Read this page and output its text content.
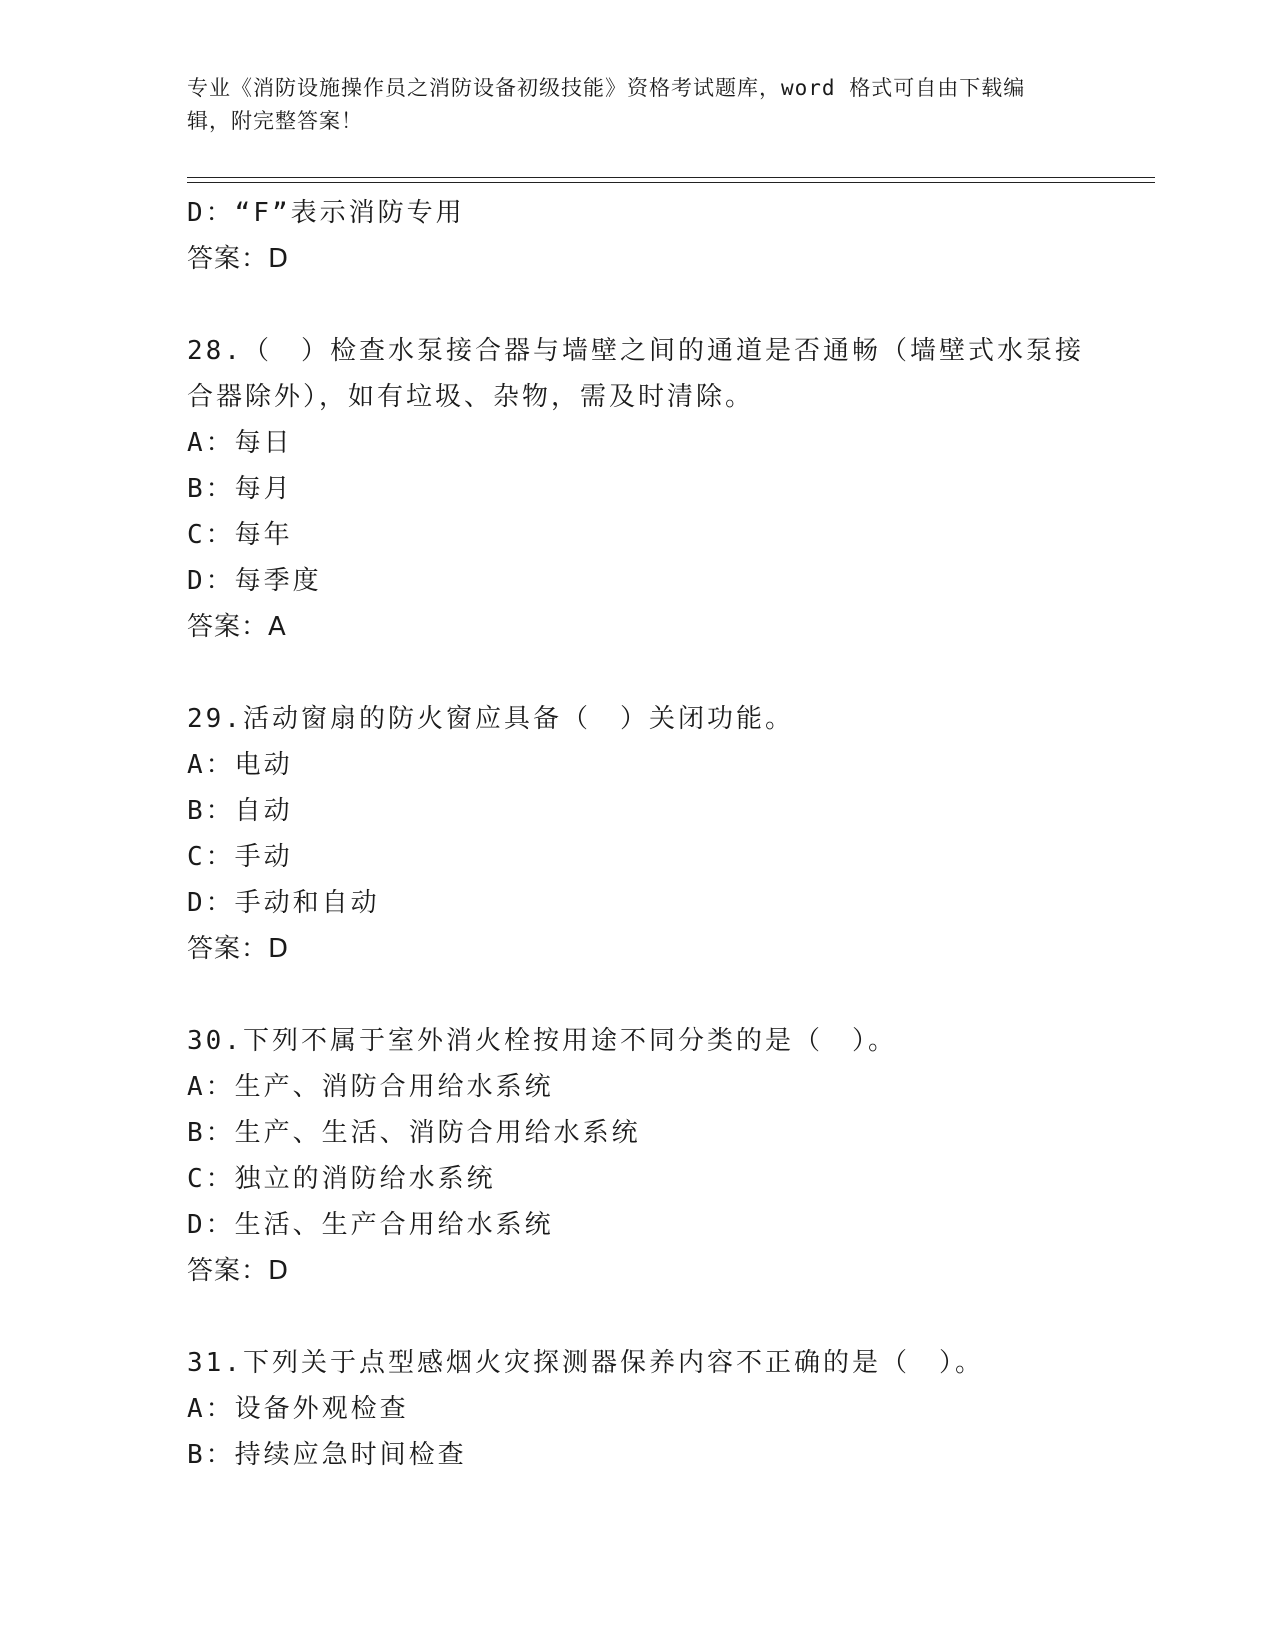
专业《消防设施操作员之消防设备初级技能》资格考试题库，word 格式可自由下载编辑，附完整答案！
D：“F”表示消防专用
答案：D
28.（　）检查水泵接合器与墙壁之间的通道是否通畅（墙壁式水泵接合器除外），如有垃圾、杂物，需及时清除。
A：每日
B：每月
C：每年
D：每季度
答案：A
29.活动窗扇的防火窗应具备（　）关闭功能。
A：电动
B：自动
C：手动
D：手动和自动
答案：D
30.下列不属于室外消火栓按用途不同分类的是（　）。
A：生产、消防合用给水系统
B：生产、生活、消防合用给水系统
C：独立的消防给水系统
D：生活、生产合用给水系统
答案：D
31.下列关于点型感烟火灾探测器保养内容不正确的是（　）。
A：设备外观检查
B：持续应急时间检查
